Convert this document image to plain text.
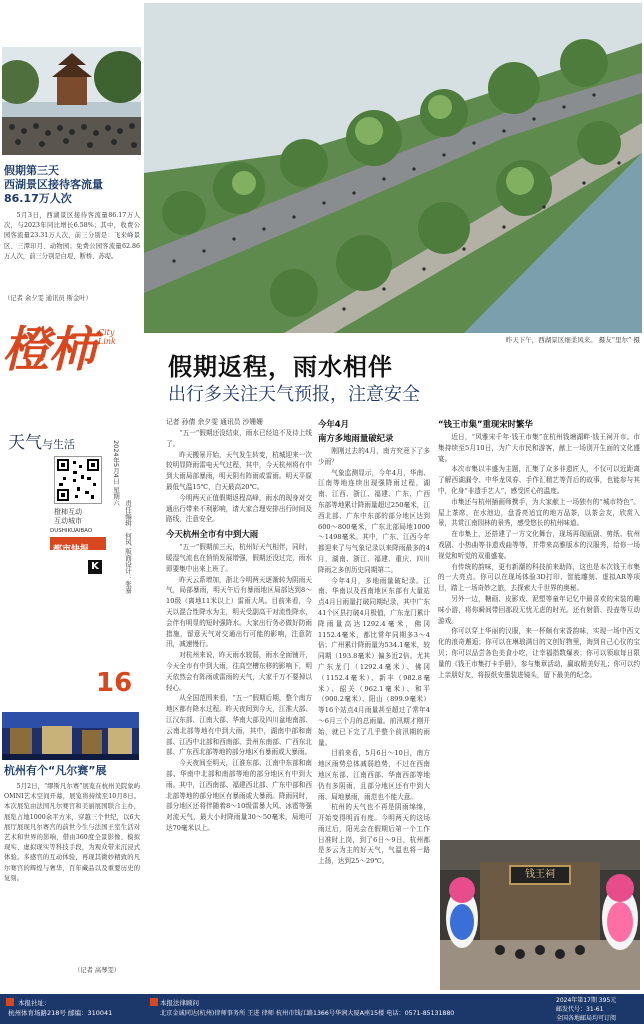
假期第三天
西湖景区接待客流量
86.17万人次
5月3日，西湖景区接待客流量86.17万人次，与2023年同比增长6.58%；其中，收费公园客流量23.31万人次，前三分别是：飞来峰景区、三潭印月、动物园；免费公园客流量62.86万人次，前三分别是白堤、断桥、苏堤。
（记者 余夕雯 通讯员 斯金叶）
橙柿 City Link
天气与生活
橙柿互动
互动城市
DUSHIKUAIBAO
都市快报
K
2024年5月4日 星期六
责任编辑：何风 版面设计：张嘉
16
杭州有个“凡尔赛”展
5月2日，“缪斯凡尔赛”展览在杭州美院象屿OMNI艺术空间开幕，展览将持续至10月8日。本次展览由法国凡尔赛宫和美丽展国联合主办，展览占地1000余平方米，穿越三个世纪，以6大展厅展现凡尔赛宫的前世今生与法国王室生活对艺术和世界的影响，借由360度全景影像、模拟现实、虚拟现实等科技手段，为观众带来沉浸式体验。多感官的互动体验，再现其微妙精致的凡尔赛宫的辉煌与奢华，百年藏品以及重要历史的复刻。
（记者 高琴雯）
昨天下午，西湖景区细柔风来。 摄友“里尔” 摄
假期返程，雨水相伴
出行多关注天气预报，注意安全
记者 孙倩 余夕雯 通讯员 沙姗姗

“五一”假期还没结束，雨水已经迫不及待上线了。

昨天搬景开始，天气发生转变，杭城迎来一次较明显降雨雷电天气过程，其中，今天杭州将有中到大雨局部暴雨，明天阴有阵雨或雷雨。明天平原最低气温15℃，白天最高20℃。

今明两天正值假期返程高峰，雨水的现身对交通出行带来不利影响，请大家合理安排出行时间及路线，注意安全。

今天杭州全市有中到大雨

“五一”假期前三天，杭州好天气相伴，同时，暖湿气流也在悄悄发展增强，假期还没过完，雨水即要集中出来上班了。

昨天云系增加，浙北今明两天逐渐转为阴雨天气，局部暴雨，明天午后有暴雨地区局部达到8～10级（离地11米以上）雷雨大风。目前来看，今天以混合性降水为主，明天受副高干对流性降水，会伴有明显的短时强降水。大家出行务必做好防雨措施，留意天气对交通出行可能的影响，注意防汛，减速慢行。

对杭州来说，昨天雨水较弱，雨水全面铺开，今天全市有中到大雨，往高空槽东移的影响下，明天依然会有阵雨或雷雨的天气，大家千万不要掉以轻心。

从全国范围来看，“五一”假期后期，整个南方地区都有降水过程。昨天夜间到今天，江淮大部、江汉东部、江南大部、华南大部及四川盆地南部、云南北部等地有中到大雨，其中，湖南中部和南部、江西中北部和西南部、贵州东南部、广西东北部、广东西北部等地的部分地区有暴雨或大暴雨。

今天夜间至明天，江淮东部、江南中东部和南部、华南中北部和南部等地的部分地区有中到大雨。其中，江西南部、福建西北部、广东中部和西北部等地的部分地区有暴雨或大暴雨。降雨同时，部分地区还将伴随着8～10级雷暴大风、冰雹等强对流天气，最大小时降雨量30～50毫米，局地可达70毫米以上。

今年4月
南方多地雨量破纪录

刚刚过去的4月，南方究竟下了多少雨？

气象监测显示，今年4月，华南、江南等地连续出现强降雨过程，湖南、江西、浙江、福建、广东、广西东部等地累计降雨量超过250毫米，江西北部、广东中东部的部分地区达到600～800毫米，广东北部局地1000～1498毫米。其中，广东、江西今年都迎来了与气象记录以来降雨最多的4月，湖南、浙江、福建、重庆、四川降雨之多创历史同期第二。

今年4月，多地雨量破纪录。江南、华南以及西南地区东部有大量站点4月日雨量打破同期纪录，其中广东41个区县打破4月极值，广东龙门累计降雨量高达1292.4毫米，佛冈1152.4毫米，都比常年同期多3～4倍；广州累计降雨量为534.1毫米，较同期（193.8毫米）偏多近2倍。尤其广东龙门（1292.4毫米）、佛冈（1152.4毫米）、新丰（982.8毫米）、韶关（962.1毫米）、和平（900.2毫米）、阳山（899.9毫米）等16个站点4月雨量甚至超过了常年4～6月三个月的总雨量。前汛期才刚开始，就已下完了几乎整个前汛期的雨量。

目前来看，5月6日～10日，南方地区雨势总体减弱趋势，不过在西南地区东部、江南西部、华南西部等地仍有多阴雨，且部分地区还有中到大雨、局地暴雨，雨范也不能大意。

杭州的天气也不再是阴雨绵绵，开始变得明而有度。今明两天的这场雨过后，阳光会在假期后第一个工作日准时上岗，到了6日～9日，杭州都是多云为主的好天气，气温也将一路上扬，达到25～29℃。

“钱王市集”重现宋时繁华

近日，“风雅宋千年·钱王市集”在杭州钱塘湖畔·钱王祠开市。市集持续至5月10日，为广大市民和游客，献上一场别开生面的文化盛宴。

本次市集以丰盛为主题，汇集了众多非遗匠人，不仅可以近距离了解西湖漏令、中华龙凤券、手作汇精艺等背后的故事，也能参与其中，化身“非遗手艺人”，感受匠心的温度。

市集还与杭州插画师携手，为大家献上一场独有的“城市特色”。屋上茶席，在水池边，盘香亮适宜的地方品茶，以茶会友，欣赏入景，共赏江南园林的景秀，感受悠长的杭州味道。

在市集上，还搭建了一方文化舞台，现场再现瓯剧、剪纸、杭州戏剧、小热曲等非遗戏曲等等，并带来高雅版本的汉服秀，给你一场视觉和听觉的双重盛宴。

有传统的韵味，更有新潮的科技前来助阵，这也是本次钱王市集的一大亮点。你可以在现场体验3D打印、智能雕刻、虚拟AR等项目，踏上一场奇妙之旅，去探索大千世界的奥秘。

另外一边，糖画、皮影戏、泥塑等童年记忆中最喜欢的宋装的趣味小游，将你瞬间带回那段无忧无虑的时光。还有射箭、投壶等互动游戏。

你可以穿上华丽的汉服，来一杯颇有宋香韵味，实现一场中西文化的浪奇邂逅；你可以在琳琅满目的文创好物里，淘到自己心仪的宝贝；你可以品尝各色美食小吃，让幸福指数爆表；你可以领取每日限量的《钱王市集打卡手册》，参与集章活动，赢取精美好礼；你可以约上亲朋好友，将报纸安墨装进镜头，留下最美的纪念。

钱王祠
本报社址：
杭州体育场路218号 邮编：310041
本报法律顾问
北京金诚同达(杭州)律师事务所 王进 律师 杭州市钱江路1366号华润大厦A座15楼 电话：0571-85131880
2024年第17期 395元
邮发代号：31-61
全国各地邮局均可订阅
